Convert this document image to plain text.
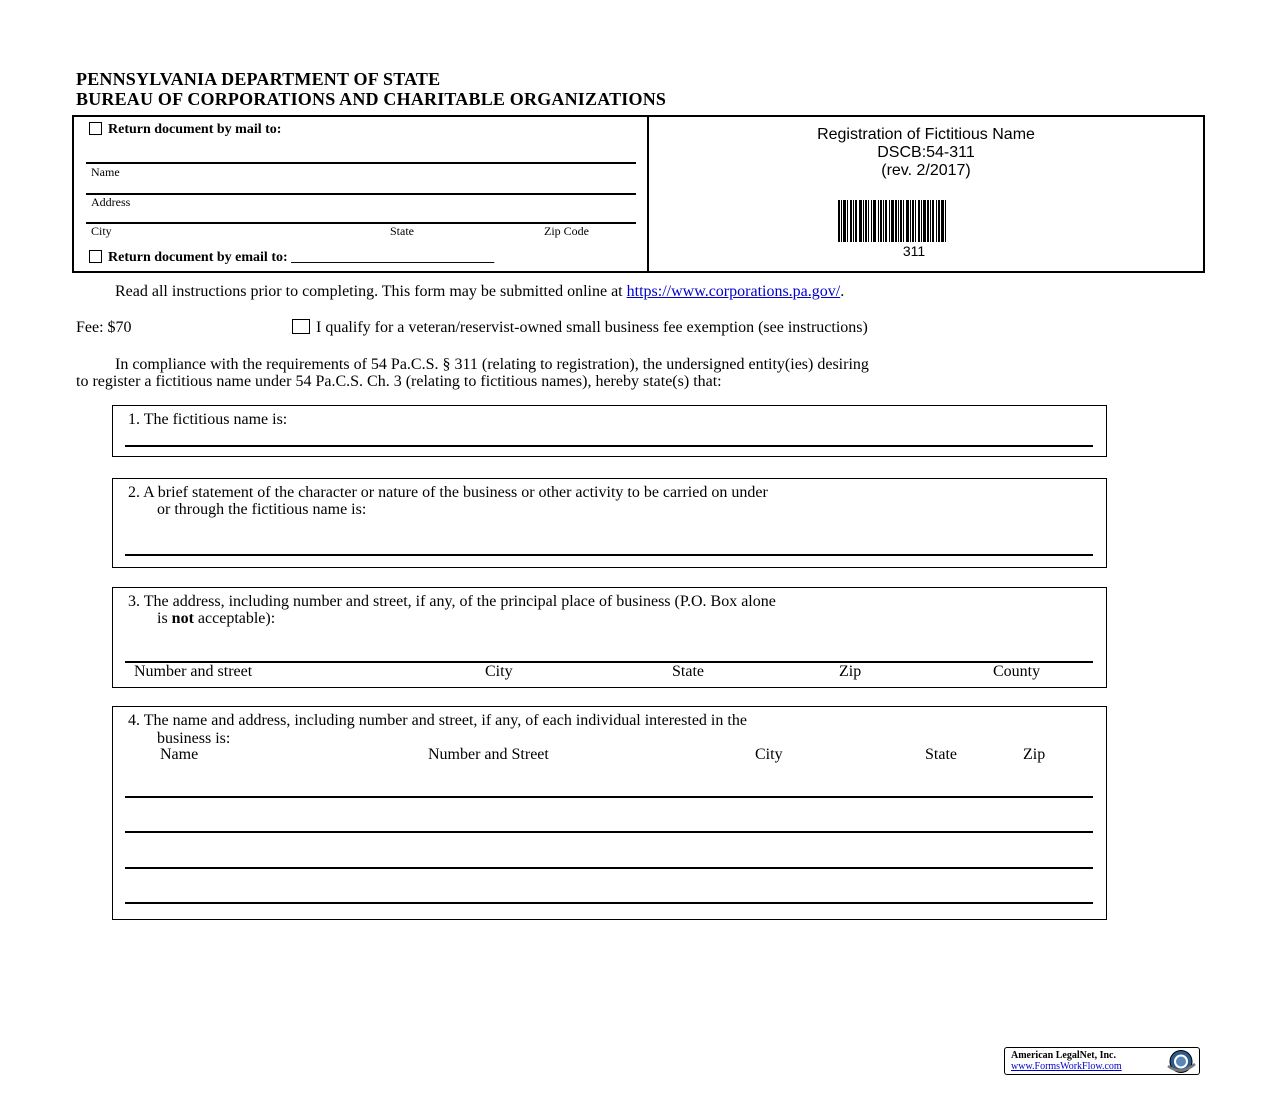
PENNSYLVANIA DEPARTMENT OF STATE
BUREAU OF CORPORATIONS AND CHARITABLE ORGANIZATIONS
Return document by mail to:
Name
Address
City	State	Zip Code
Return document by email to: _____________________________
Registration of Fictitious Name
DSCB:54-311
(rev. 2/2017)
311
Read all instructions prior to completing. This form may be submitted online at https://www.corporations.pa.gov/.
Fee: $70	I qualify for a veteran/reservist-owned small business fee exemption (see instructions)
In compliance with the requirements of 54 Pa.C.S. § 311 (relating to registration), the undersigned entity(ies) desiring
to register a fictitious name under 54 Pa.C.S. Ch. 3 (relating to fictitious names), hereby state(s) that:
1. The fictitious name is:
2. A brief statement of the character or nature of the business or other activity to be carried on under
or through the fictitious name is:
3. The address, including number and street, if any, of the principal place of business (P.O. Box alone
is not acceptable):
Number and street	City	State	Zip	County
4. The name and address, including number and street, if any, of each individual interested in the
business is:
Name	Number and Street	City	State	Zip
American LegalNet, Inc.
www.FormsWorkFlow.com
